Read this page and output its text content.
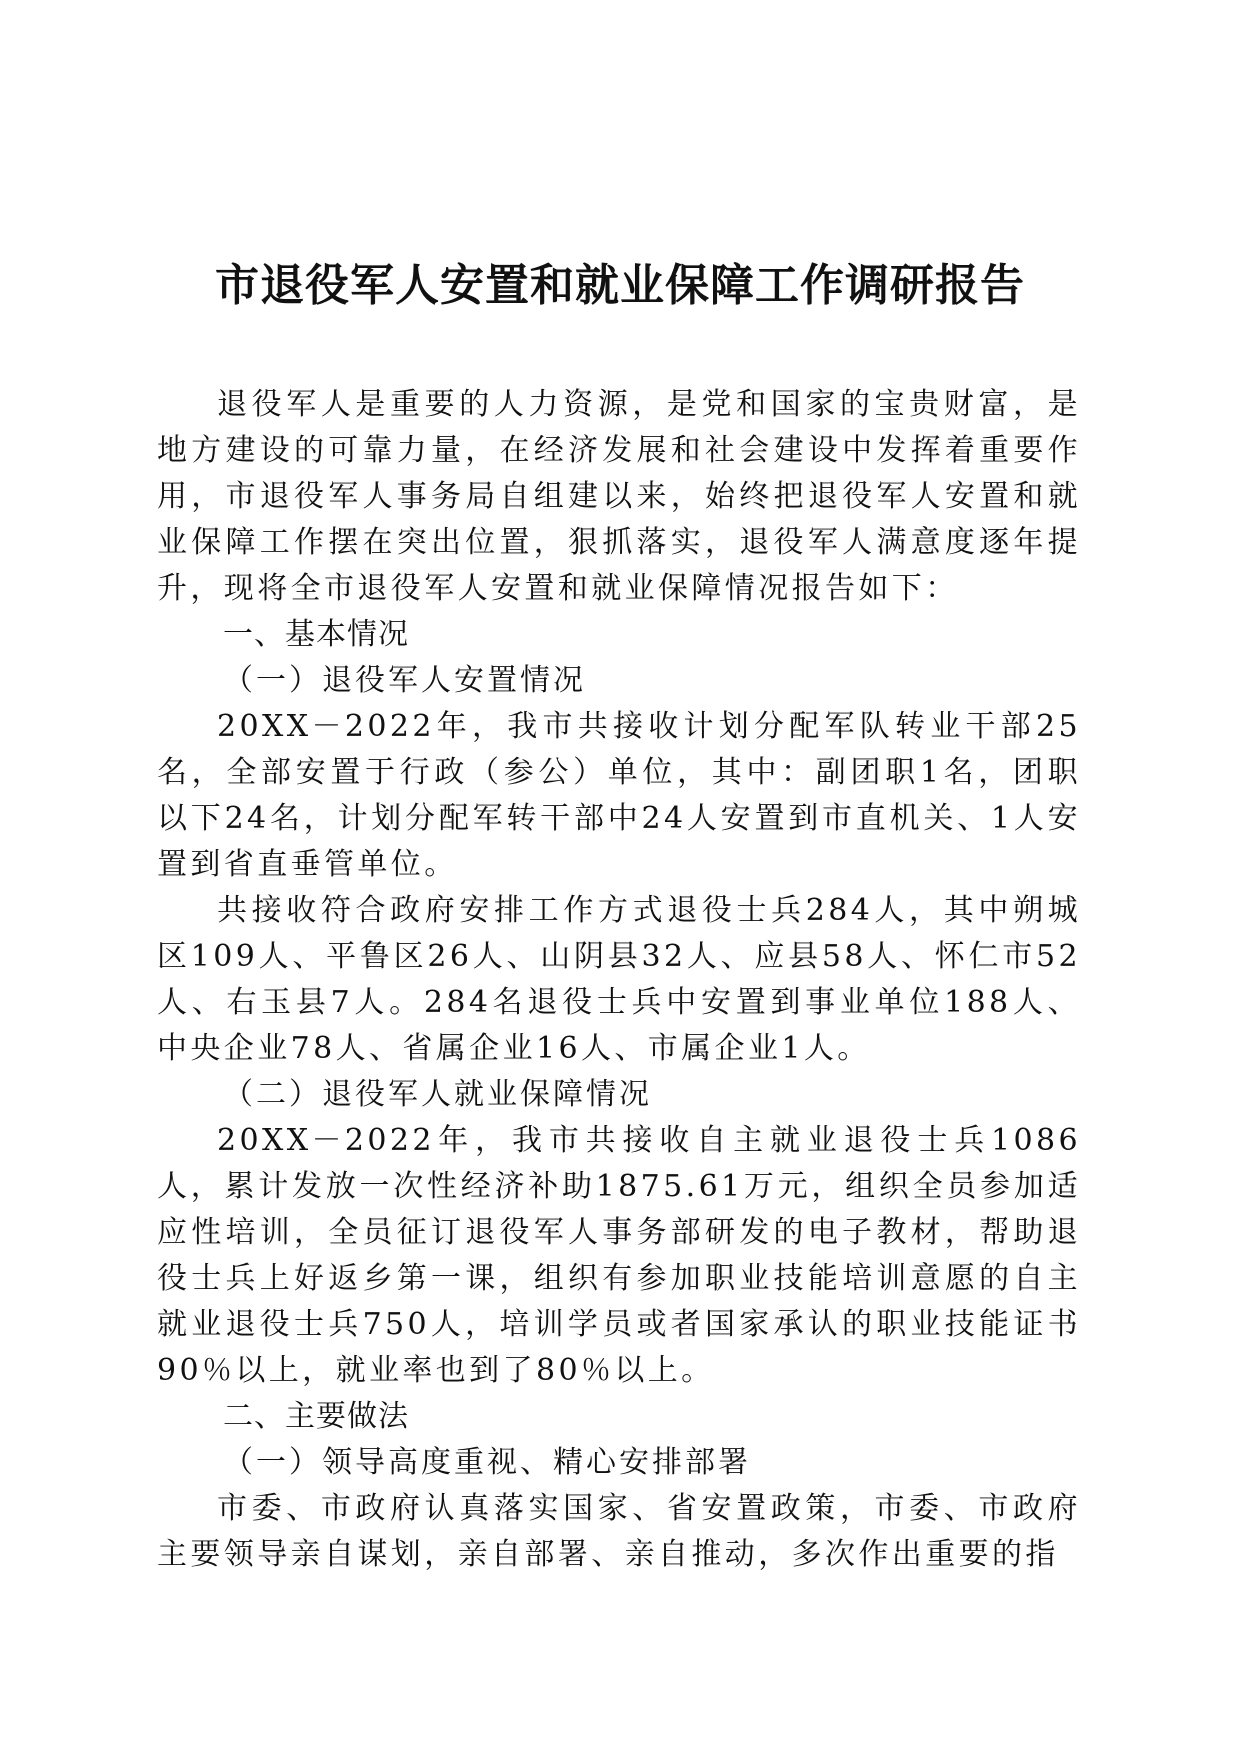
市退役军人安置和就业保障工作调研报告

退役军人是重要的人力资源，是党和国家的宝贵财富，是地方建设的可靠力量，在经济发展和社会建设中发挥着重要作用，市退役军人事务局自组建以来，始终把退役军人安置和就业保障工作摆在突出位置，狠抓落实，退役军人满意度逐年提升，现将全市退役军人安置和就业保障情况报告如下：

一、基本情况

（一）退役军人安置情况

20XX－2022年，我市共接收计划分配军队转业干部25名，全部安置于行政（参公）单位，其中：副团职1名，团职以下24名，计划分配军转干部中24人安置到市直机关、1人安置到省直垂管单位。

共接收符合政府安排工作方式退役士兵284人，其中朔城区109人、平鲁区26人、山阴县32人、应县58人、怀仁市52人、右玉县7人。284名退役士兵中安置到事业单位188人、中央企业78人、省属企业16人、市属企业1人。

（二）退役军人就业保障情况

20XX－2022年，我市共接收自主就业退役士兵1086人，累计发放一次性经济补助1875.61万元，组织全员参加适应性培训，全员征订退役军人事务部研发的电子教材，帮助退役士兵上好返乡第一课，组织有参加职业技能培训意愿的自主就业退役士兵750人，培训学员或者国家承认的职业技能证书90％以上，就业率也到了80％以上。

二、主要做法

（一）领导高度重视、精心安排部署

市委、市政府认真落实国家、省安置政策，市委、市政府主要领导亲自谋划，亲自部署、亲自推动，多次作出重要的指
